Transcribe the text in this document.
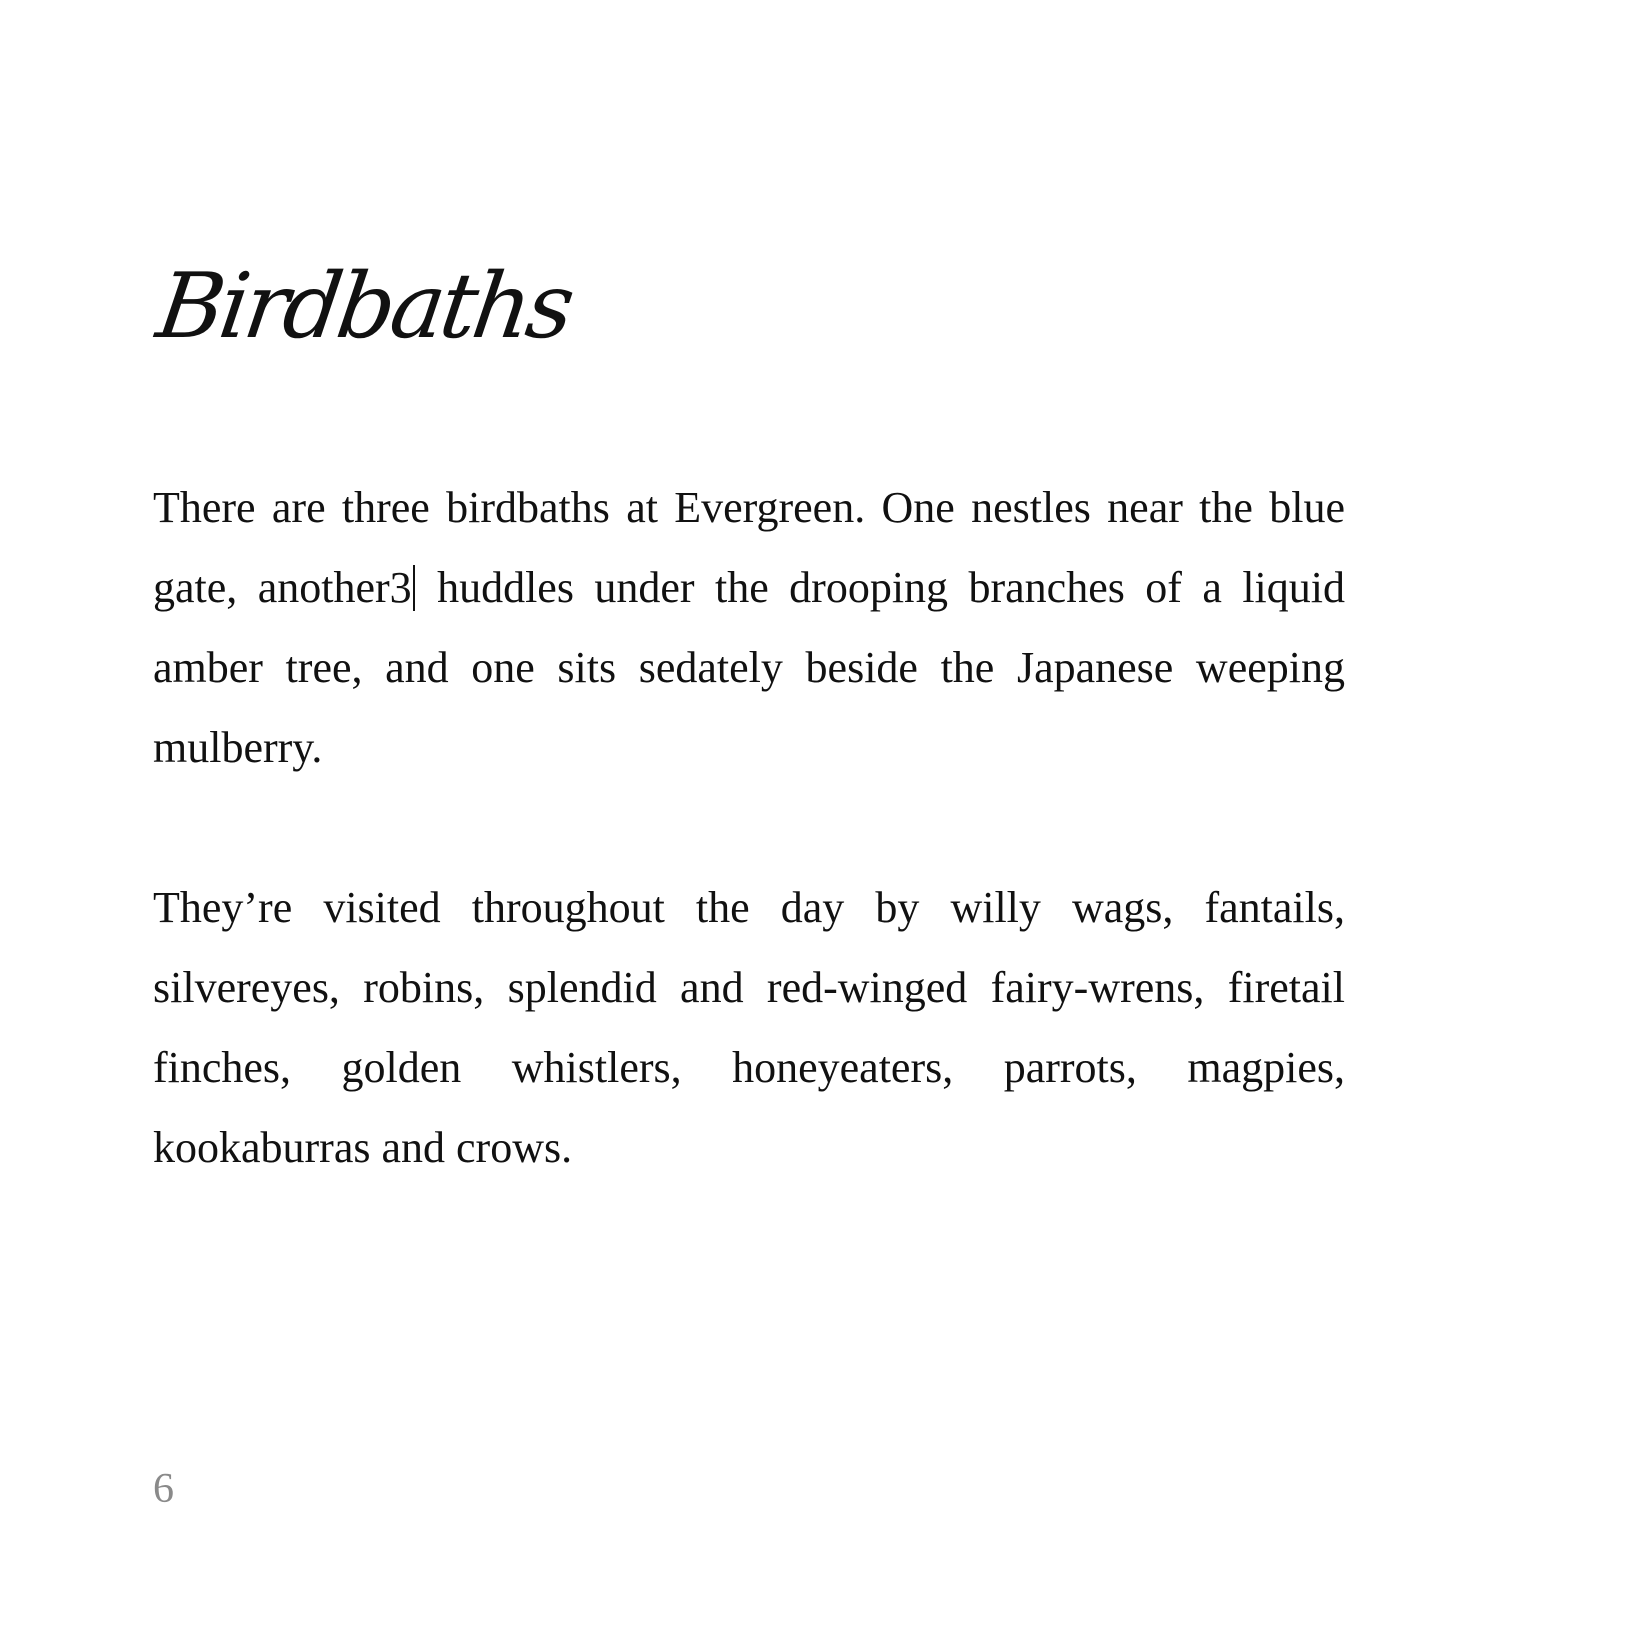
Birdbaths

There are three birdbaths at Evergreen. One nestles near the blue gate, another3 huddles under the drooping branches of a liquid amber tree, and one sits sedately beside the Japanese weeping mulberry.

They’re visited throughout the day by willy wags, fantails, silvereyes, robins, splendid and red-winged fairy-wrens, firetail finches, golden whistlers, honeyeaters, parrots, magpies, kookaburras and crows.

6
